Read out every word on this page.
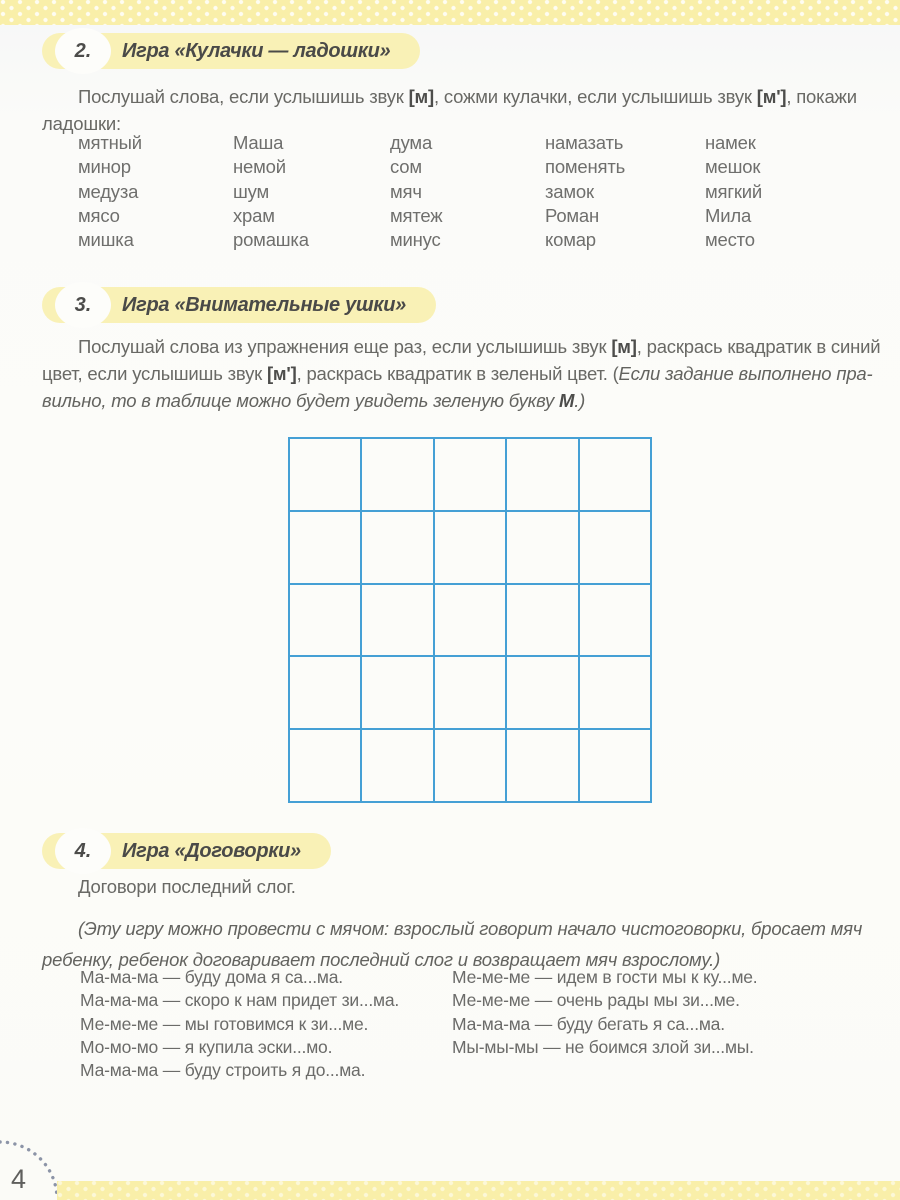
2. Игра «Кулачки — ладошки»
Послушай слова, если услышишь звук [м], сожми кулачки, если услышишь звук [м'], покажи
ладошки:
мятный	Маша	дума	намазать	намек
минор	немой	сом	поменять	мешок
медуза	шум	мяч	замок	мягкий
мясо	храм	мятеж	Роман	Мила
мишка	ромашка	минус	комар	место
3. Игра «Внимательные ушки»
Послушай слова из упражнения еще раз, если услышишь звук [м], раскрась квадратик в синий
цвет, если услышишь звук [м'], раскрась квадратик в зеленый цвет. (Если задание выполнено пра-
вильно, то в таблице можно будет увидеть зеленую букву М.)
4. Игра «Договорки»
Договори последний слог.
(Эту игру можно провести с мячом: взрослый говорит начало чистоговорки, бросает мяч
ребенку, ребенок договаривает последний слог и возвращает мяч взрослому.)
Ма-ма-ма — буду дома я са...ма.
Ма-ма-ма — скоро к нам придет зи...ма.
Ме-ме-ме — мы готовимся к зи...ме.
Мо-мо-мо — я купила эски...мо.
Ма-ма-ма — буду строить я до...ма.
Ме-ме-ме — идем в гости мы к ку...ме.
Ме-ме-ме — очень рады мы зи...ме.
Ма-ма-ма — буду бегать я са...ма.
Мы-мы-мы — не боимся злой зи...мы.
4
